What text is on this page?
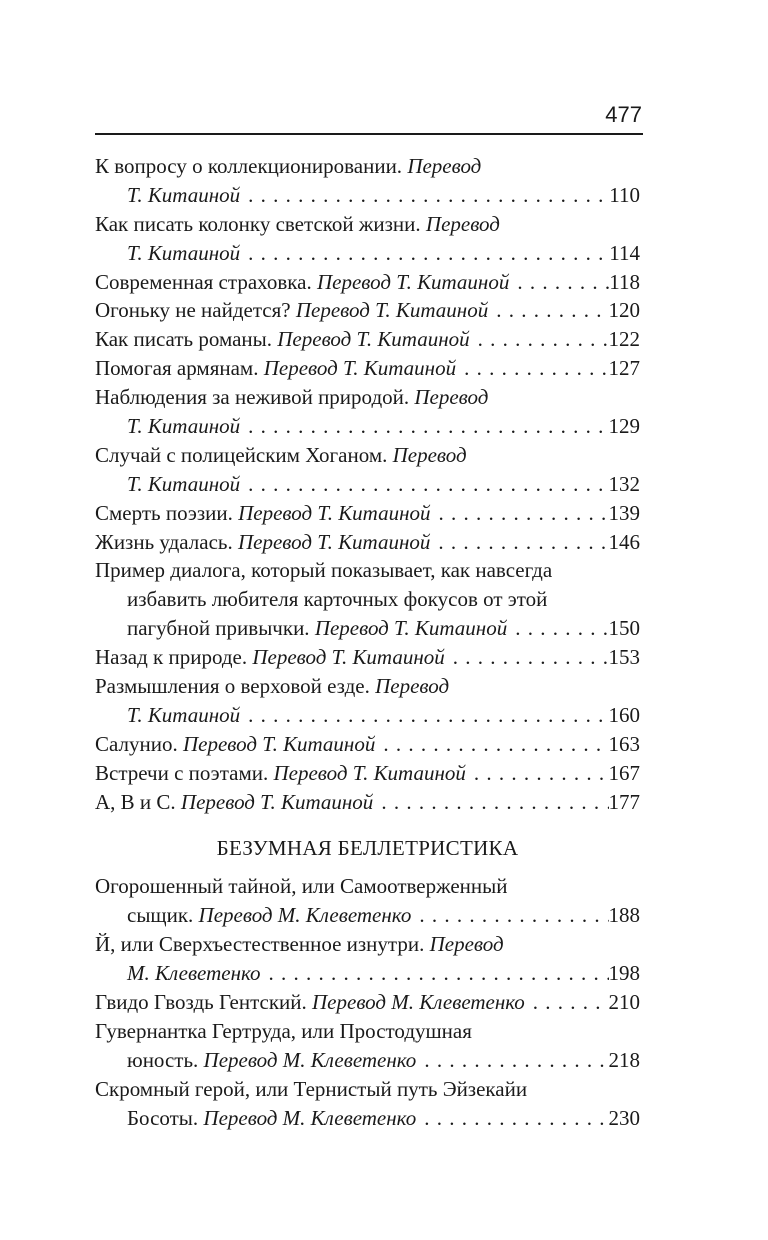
477
К вопросу о коллекционировании. Перевод
Т. Китаиной . . .	110
Как писать колонку светской жизни. Перевод
Т. Китаиной . . .	114
Современная страховка. Перевод Т. Китаиной . . .	118
Огоньку не найдется? Перевод Т. Китаиной . . .	120
Как писать романы. Перевод Т. Китаиной . . .	122
Помогая армянам. Перевод Т. Китаиной . . .	127
Наблюдения за неживой природой. Перевод
Т. Китаиной . . .	129
Случай с полицейским Хоганом. Перевод
Т. Китаиной . . .	132
Смерть поэзии. Перевод Т. Китаиной . . .	139
Жизнь удалась. Перевод Т. Китаиной . . .	146
Пример диалога, который показывает, как навсегда
избавить любителя карточных фокусов от этой
пагубной привычки. Перевод Т. Китаиной . . .	150
Назад к природе. Перевод Т. Китаиной . . .	153
Размышления о верховой езде. Перевод
Т. Китаиной . . .	160
Салунио. Перевод Т. Китаиной . . .	163
Встречи с поэтами. Перевод Т. Китаиной . . .	167
А, В и С. Перевод Т. Китаиной . . .	177
БЕЗУМНАЯ БЕЛЛЕТРИСТИКА
Огорошенный тайной, или Самоотверженный
сыщик. Перевод М. Клеветенко . . .	188
Й, или Сверхъестественное изнутри. Перевод
М. Клеветенко . . .	198
Гвидо Гвоздь Гентский. Перевод М. Клеветенко . . .	210
Гувернантка Гертруда, или Простодушная
юность. Перевод М. Клеветенко . . .	218
Скромный герой, или Тернистый путь Эйзекайи
Босоты. Перевод М. Клеветенко . . .	230
